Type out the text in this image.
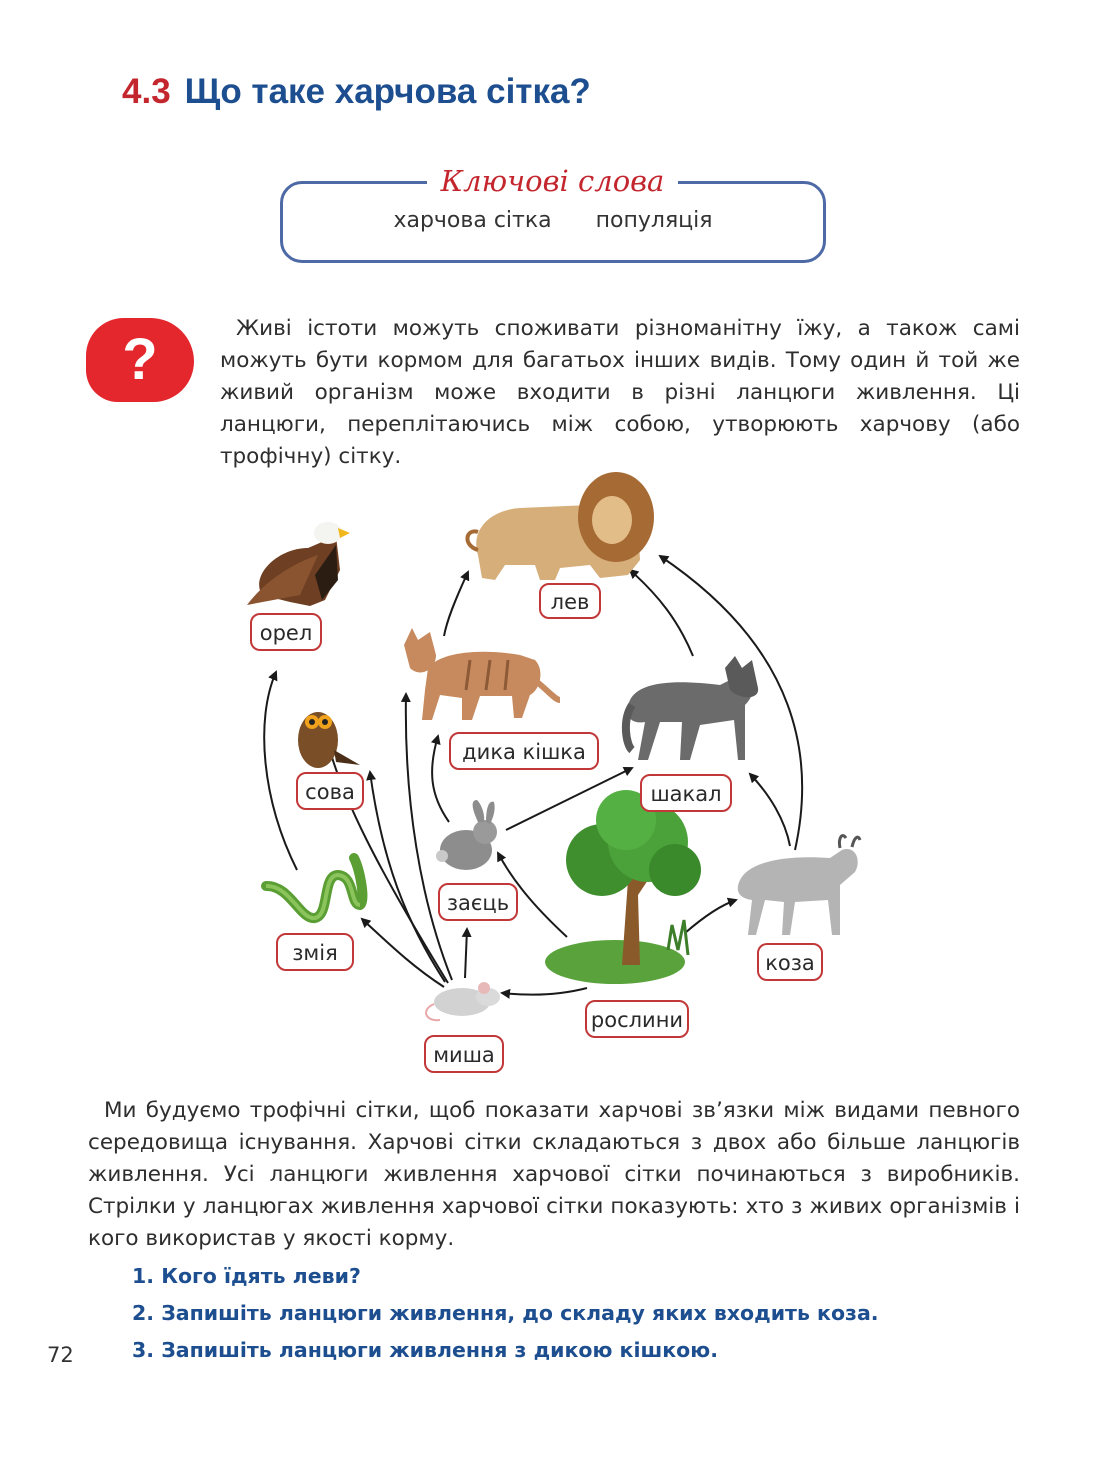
4.3 Що таке харчова сітка?
Ключові слова
харчова сітка популяція
?	Живі істоти можуть споживати різноманітну їжу, а також самі можуть бути кормом для багатьох інших видів. Тому один й той же живий організм може входити в різні ланцюги живлення. Ці ланцюги, переплітаючись між собою, утворюють харчову (або трофічну) сітку.
лев
орел
дика кішка
сова	шакал
заєць
змія	коза
рослини
миша
Ми будуємо трофічні сітки, щоб показати харчові зв’язки між видами певного середовища існування. Харчові сітки складаються з двох або більше ланцюгів живлення. Усі ланцюги живлення харчової сітки починаються з виробників. Стрілки у ланцюгах живлення харчової сітки показують: хто з живих організмів і кого використав у якості корму.
1. Кого їдять леви?
2. Запишіть ланцюги живлення, до складу яких входить коза.
3. Запишіть ланцюги живлення з дикою кішкою.
72
